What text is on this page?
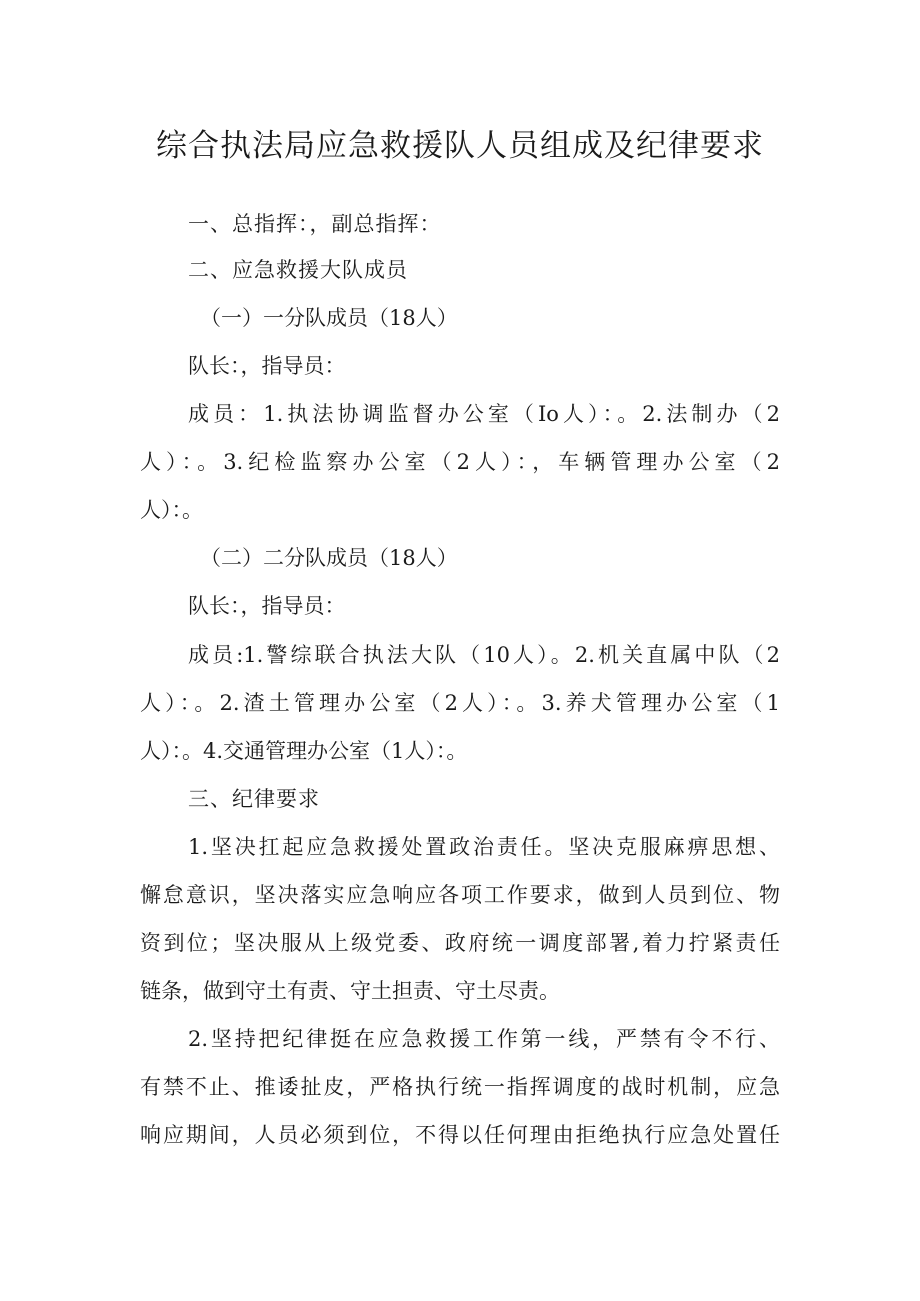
综合执法局应急救援队人员组成及纪律要求

一、总指挥：，副总指挥：

二、应急救援大队成员

（一）一分队成员（18人）

队长：，指导员：

成员：1.执法协调监督办公室（Io人）：。2.法制办（2

人）：。3.纪检监察办公室（2人）：，车辆管理办公室（2

人）：。

（二）二分队成员（18人）

队长：，指导员：

成员:1.警综联合执法大队（10人）。2.机关直属中队（2

人）：。2.渣土管理办公室（2人）：。3.养犬管理办公室（1

人）：。4.交通管理办公室（1人）：。

三、纪律要求

1.坚决扛起应急救援处置政治责任。坚决克服麻痹思想、

懈怠意识，坚决落实应急响应各项工作要求，做到人员到位、物

资到位；坚决服从上级党委、政府统一调度部署,着力拧紧责任

链条，做到守土有责、守土担责、守土尽责。

2.坚持把纪律挺在应急救援工作第一线，严禁有令不行、

有禁不止、推诿扯皮，严格执行统一指挥调度的战时机制，应急

响应期间，人员必须到位，不得以任何理由拒绝执行应急处置任
